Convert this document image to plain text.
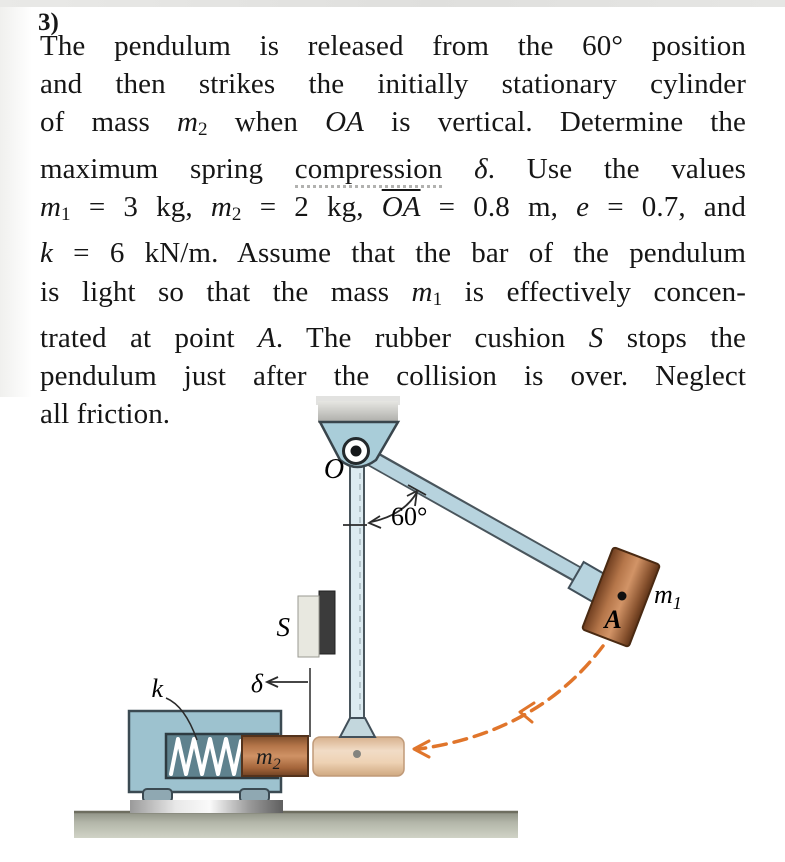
3)
The pendulum is released from the 60° position
and then strikes the initially stationary cylinder
of mass m2 when OA is vertical. Determine the
maximum spring compression δ. Use the values
m1 = 3 kg, m2 = 2 kg, $\overline{OA} = 0.8$ m, e = 0.7, and
k = 6 kN/m. Assume that the bar of the pendulum
is light so that the mass m1 is effectively concen-
trated at point A. The rubber cushion S stops the
pendulum just after the collision is over. Neglect
all friction.
O
60°
S
$m_2$
δ
k
A
$m_1$
